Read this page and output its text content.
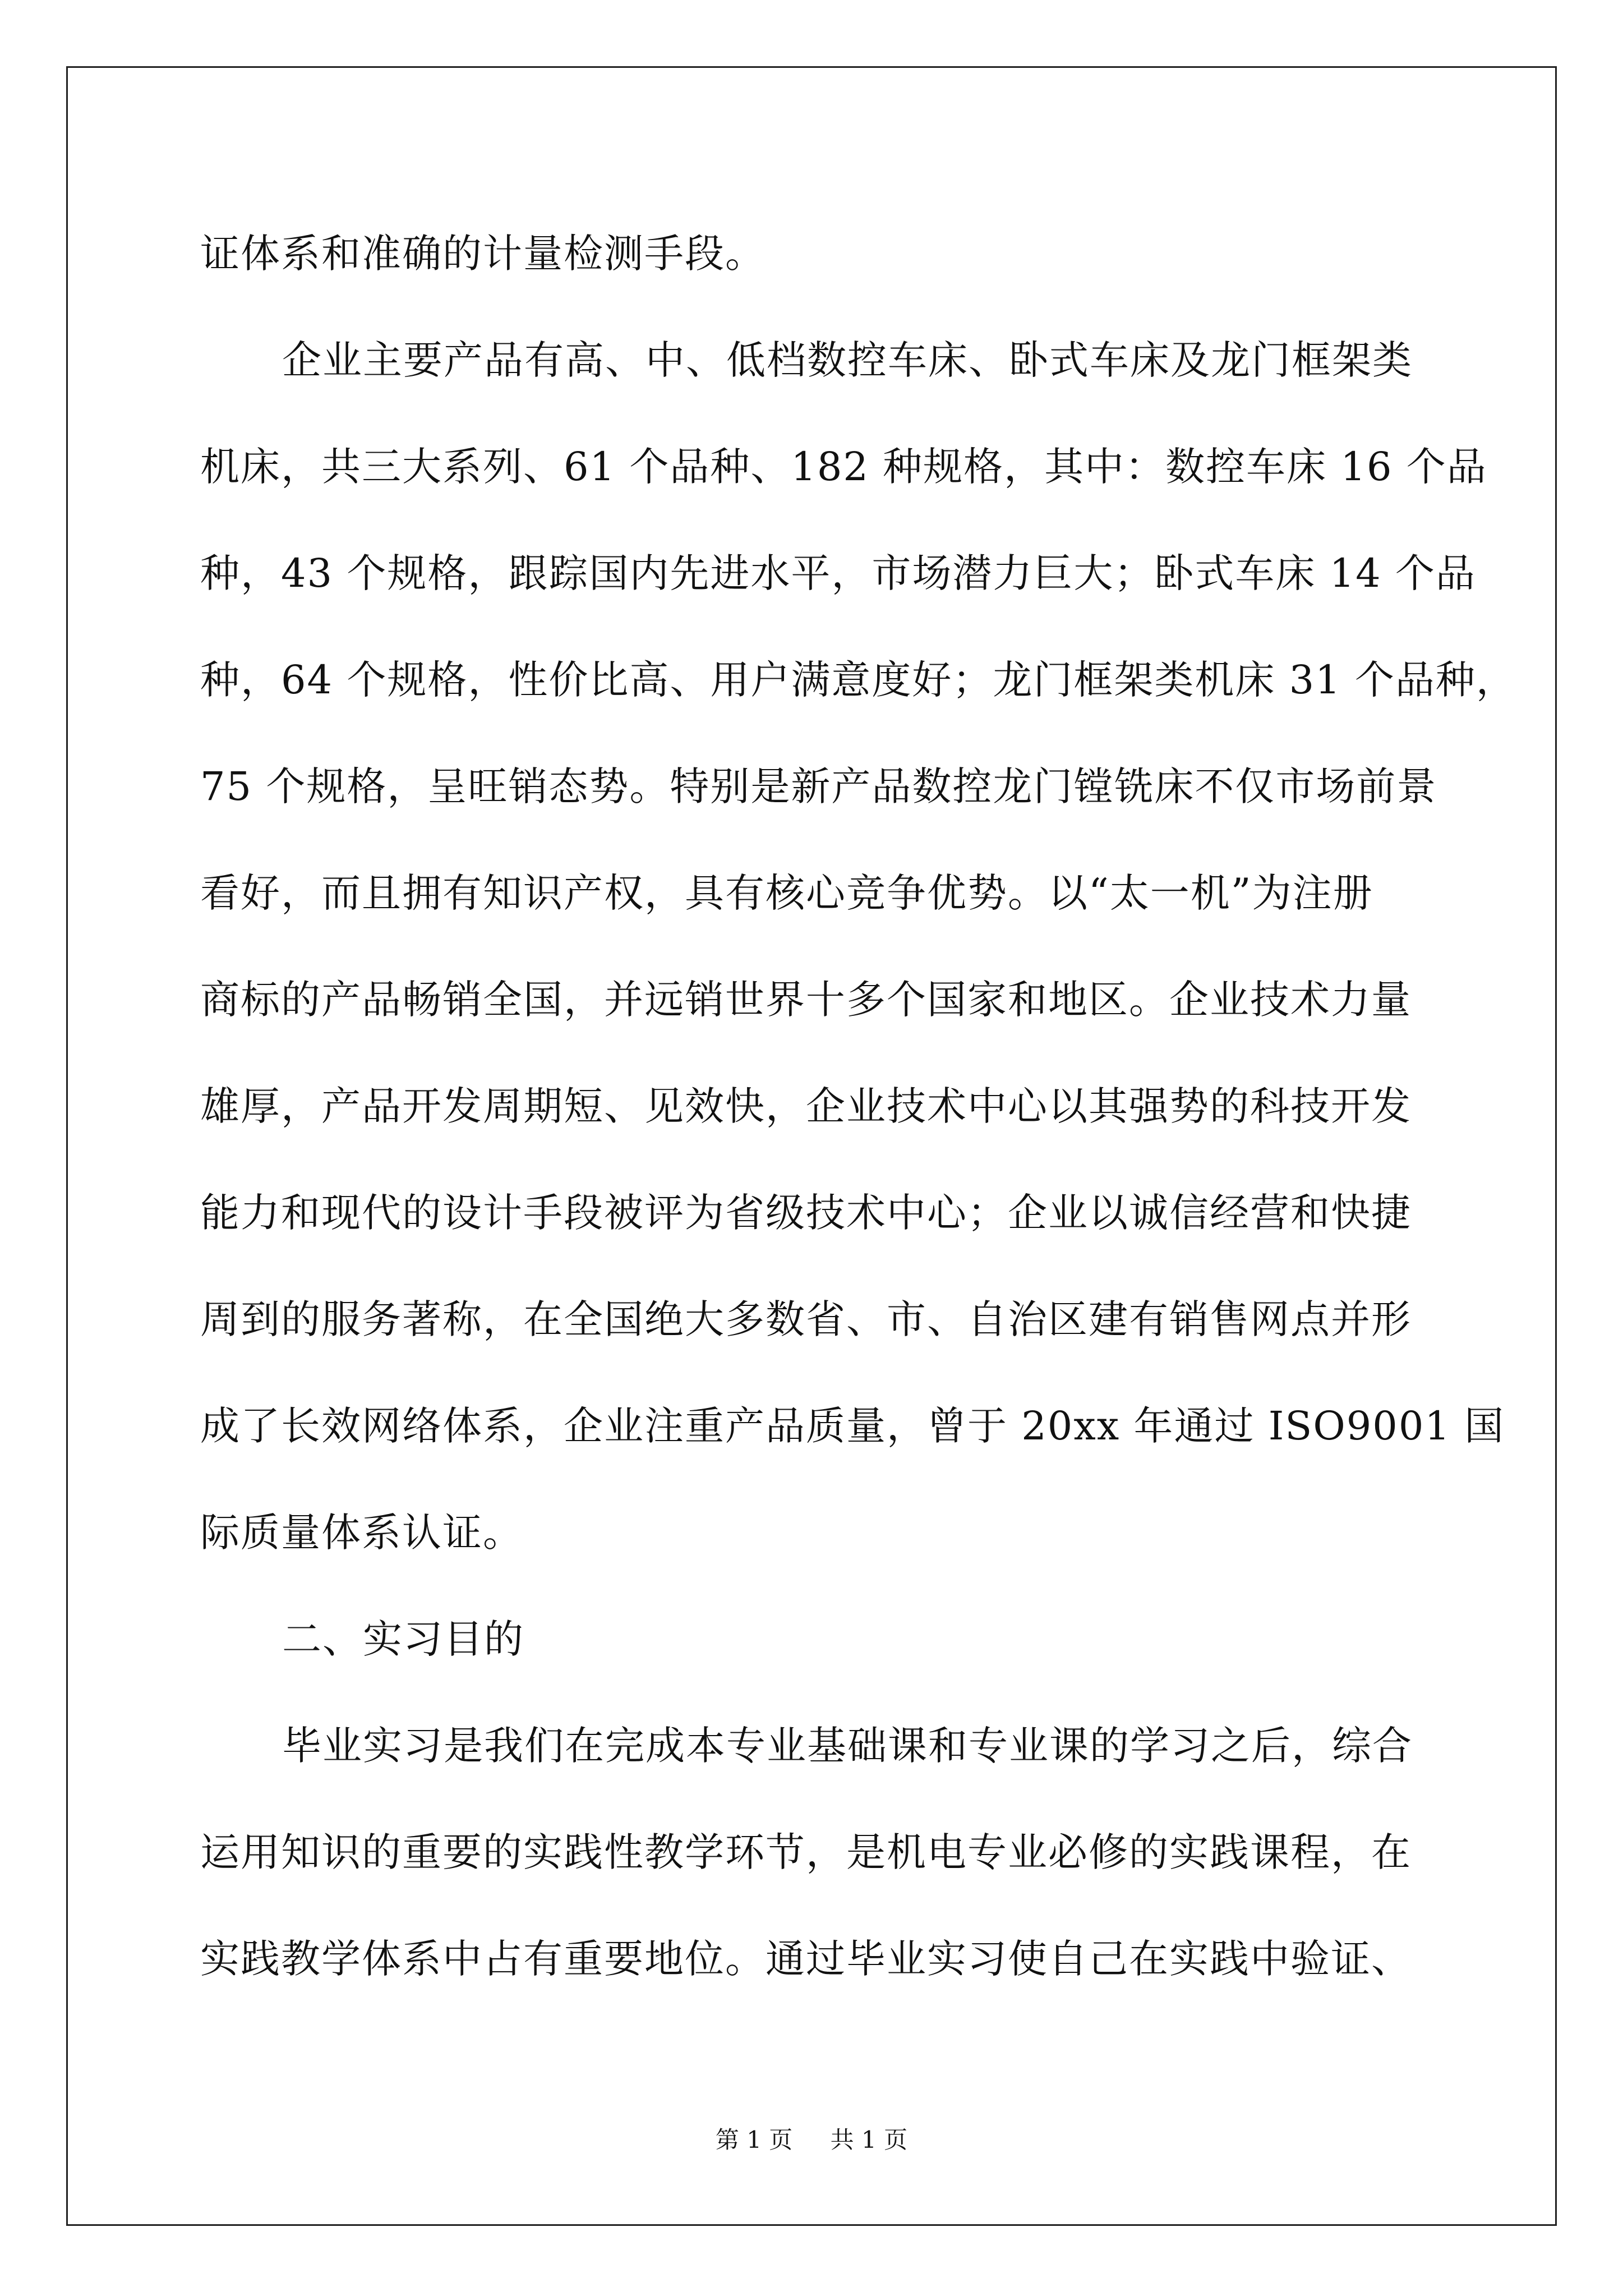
证体系和准确的计量检测手段。
企业主要产品有高、中、低档数控车床、卧式车床及龙门框架类
机床，共三大系列、61 个品种、182 种规格，其中：数控车床 16 个品
种，43 个规格，跟踪国内先进水平，市场潜力巨大；卧式车床 14 个品
种，64 个规格，性价比高、用户满意度好；龙门框架类机床 31 个品种，
75 个规格，呈旺销态势。特别是新产品数控龙门镗铣床不仅市场前景
看好，而且拥有知识产权，具有核心竞争优势。以“太一机”为注册
商标的产品畅销全国，并远销世界十多个国家和地区。企业技术力量
雄厚，产品开发周期短、见效快，企业技术中心以其强势的科技开发
能力和现代的设计手段被评为省级技术中心；企业以诚信经营和快捷
周到的服务著称，在全国绝大多数省、市、自治区建有销售网点并形
成了长效网络体系，企业注重产品质量，曾于 20xx 年通过 ISO9001 国
际质量体系认证。
二、实习目的
毕业实习是我们在完成本专业基础课和专业课的学习之后，综合
运用知识的重要的实践性教学环节，是机电专业必修的实践课程，在
实践教学体系中占有重要地位。通过毕业实习使自己在实践中验证、
第 1 页 共 1 页
